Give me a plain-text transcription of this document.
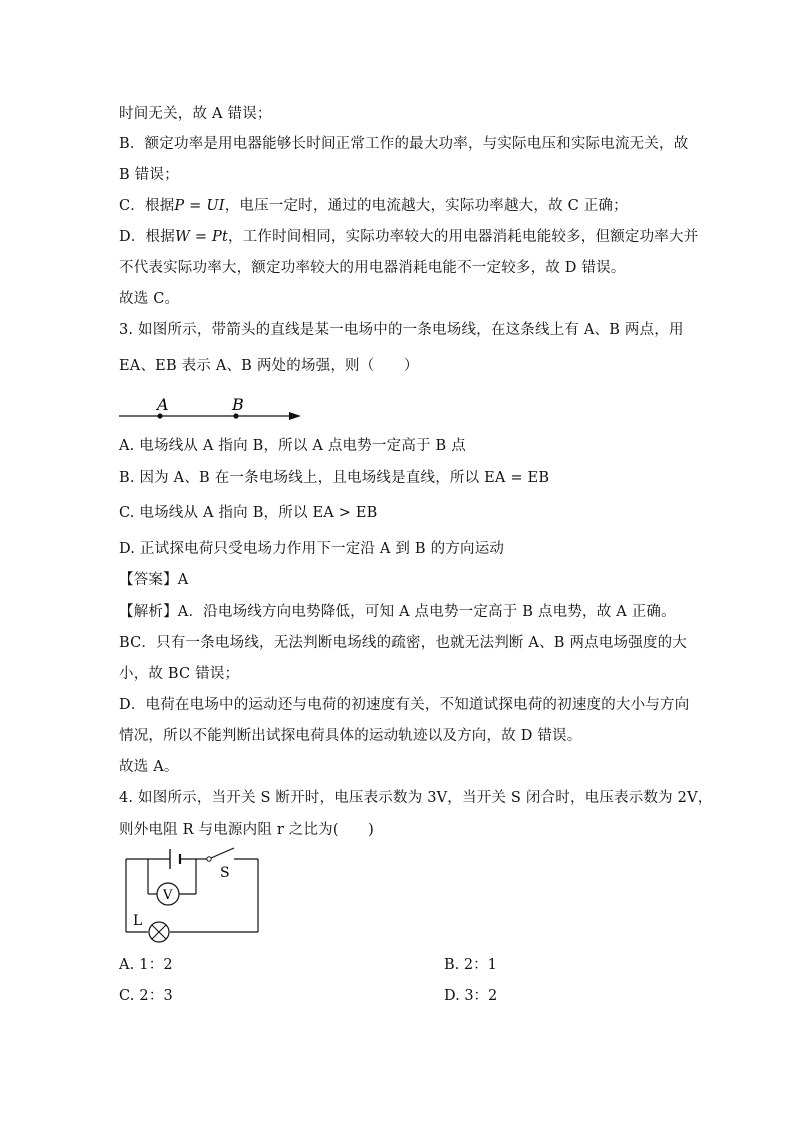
时间无关，故 A 错误；
B．额定功率是用电器能够长时间正常工作的最大功率，与实际电压和实际电流无关，故
B 错误；
C．根据P = UI，电压一定时，通过的电流越大，实际功率越大，故 C 正确；
D．根据W = Pt，工作时间相同，实际功率较大的用电器消耗电能较多，但额定功率大并
不代表实际功率大，额定功率较大的用电器消耗电能不一定较多，故 D 错误。
故选 C。
3. 如图所示，带箭头的直线是某一电场中的一条电场线，在这条线上有 A、B 两点，用
EA、EB 表示 A、B 两处的场强，则（　　）
A	B
A. 电场线从 A 指向 B，所以 A 点电势一定高于 B 点
B. 因为 A、B 在一条电场线上，且电场线是直线，所以 EA = EB
C. 电场线从 A 指向 B，所以 EA > EB
D. 正试探电荷只受电场力作用下一定沿 A 到 B 的方向运动
【答案】A
【解析】A．沿电场线方向电势降低，可知 A 点电势一定高于 B 点电势，故 A 正确。
BC．只有一条电场线，无法判断电场线的疏密，也就无法判断 A、B 两点电场强度的大
小，故 BC 错误；
D．电荷在电场中的运动还与电荷的初速度有关，不知道试探电荷的初速度的大小与方向
情况，所以不能判断出试探电荷具体的运动轨迹以及方向，故 D 错误。
故选 A。
4. 如图所示，当开关 S 断开时，电压表示数为 3V，当开关 S 闭合时，电压表示数为 2V，
则外电阻 R 与电源内阻 r 之比为(　　)
V
S
L
A. 1：2	B. 2：1
C. 2：3	D. 3：2
